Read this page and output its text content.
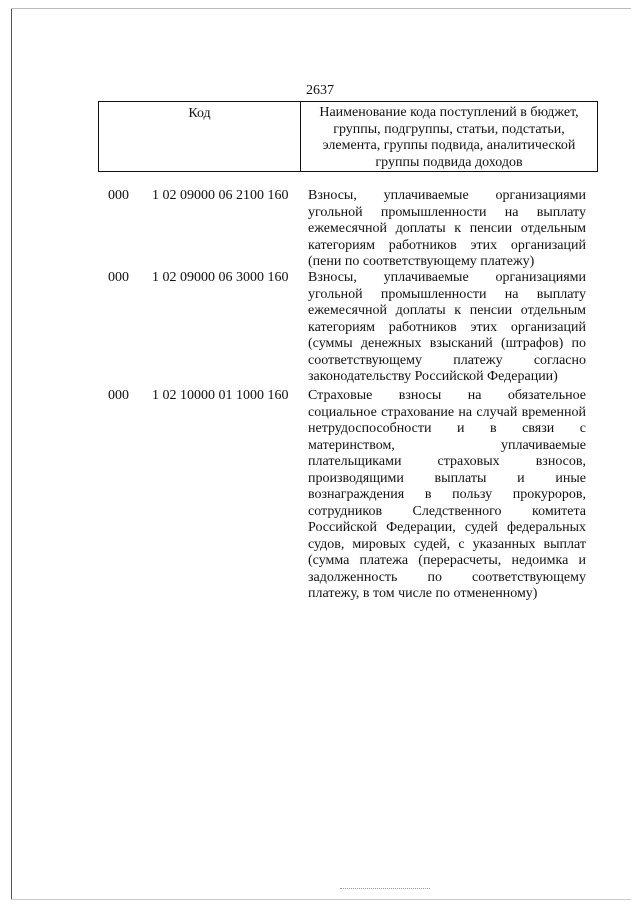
2637
Код	Наименование кода поступлений в бюджет,
группы, подгруппы, статьи, подстатьи,
элемента, группы подвида, аналитической
группы подвида доходов
000 1 02 09000 06 2100 160 Взносы, уплачиваемые организациями
угольной промышленности на выплату
ежемесячной доплаты к пенсии отдельным
категориям работников этих организаций
(пени по соответствующему платежу)
000 1 02 09000 06 3000 160 Взносы, уплачиваемые организациями
угольной промышленности на выплату
ежемесячной доплаты к пенсии отдельным
категориям работников этих организаций
(суммы денежных взысканий (штрафов) по
соответствующему платежу согласно
законодательству Российской Федерации)
000 1 02 10000 01 1000 160 Страховые взносы на обязательное
социальное страхование на случай временной
нетрудоспособности и в связи с
материнством, уплачиваемые
плательщиками страховых взносов,
производящими выплаты и иные
вознаграждения в пользу прокуроров,
сотрудников Следственного комитета
Российской Федерации, судей федеральных
судов, мировых судей, с указанных выплат
(сумма платежа (перерасчеты, недоимка и
задолженность по соответствующему
платежу, в том числе по отмененному)
